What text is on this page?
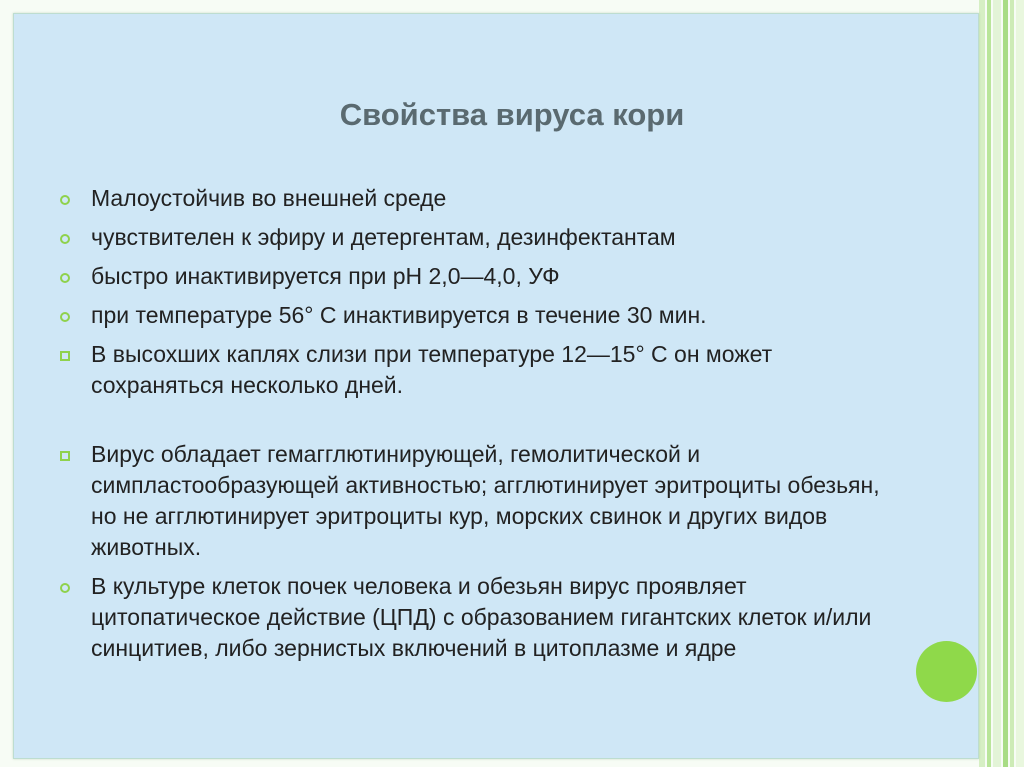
Свойства вируса кори
Малоустойчив во внешней среде
чувствителен к эфиру и детергентам, дезинфектантам
быстро инактивируется при рН 2,0—4,0, УФ
при температуре 56° С инактивируется в течение 30 мин.
В высохших каплях слизи при температуре 12—15° С он может сохраняться несколько дней.
Вирус обладает гемагглютинирующей, гемолитической и симпластообразующей активностью; агглютинирует эритроциты обезьян, но не агглютинирует эритроциты кур, морских свинок и других видов животных.
В культуре клеток почек человека и обезьян вирус проявляет цитопатическое действие (ЦПД) с образованием гигантских клеток и/или синцитиев, либо зернистых включений в цитоплазме и ядре
